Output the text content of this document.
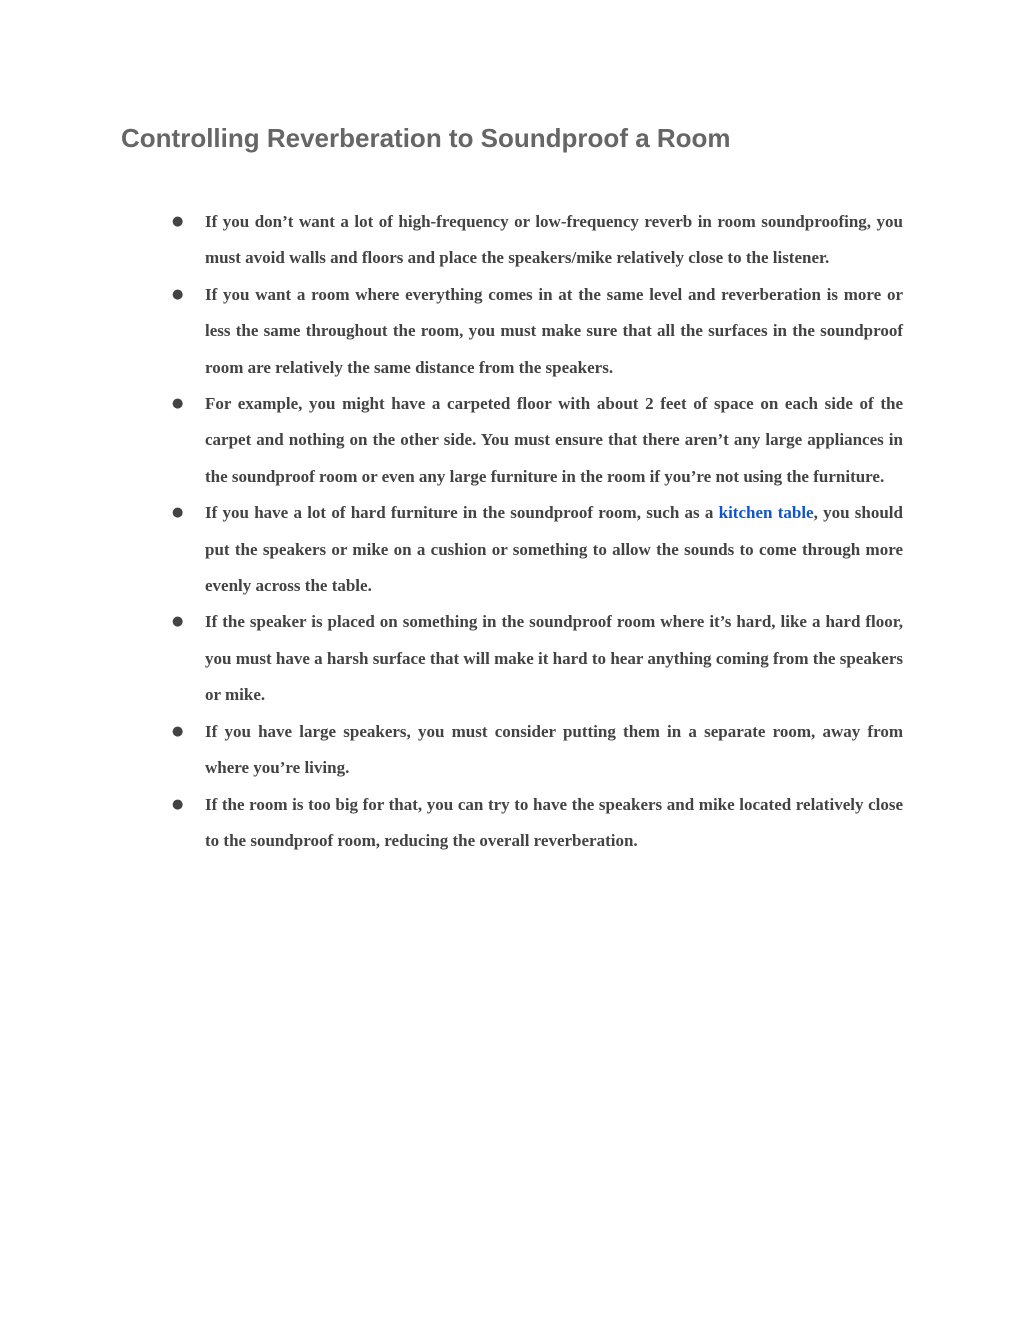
Controlling Reverberation to Soundproof a Room
● If you don’t want a lot of high-frequency or low-frequency reverb in room soundproofing, you must avoid walls and floors and place the speakers/mike relatively close to the listener.
● If you want a room where everything comes in at the same level and reverberation is more or less the same throughout the room, you must make sure that all the surfaces in the soundproof room are relatively the same distance from the speakers.
● For example, you might have a carpeted floor with about 2 feet of space on each side of the carpet and nothing on the other side. You must ensure that there aren’t any large appliances in the soundproof room or even any large furniture in the room if you’re not using the furniture.
● If you have a lot of hard furniture in the soundproof room, such as a kitchen table, you should put the speakers or mike on a cushion or something to allow the sounds to come through more evenly across the table.
● If the speaker is placed on something in the soundproof room where it’s hard, like a hard floor, you must have a harsh surface that will make it hard to hear anything coming from the speakers or mike.
● If you have large speakers, you must consider putting them in a separate room, away from where you’re living.
● If the room is too big for that, you can try to have the speakers and mike located relatively close to the soundproof room, reducing the overall reverberation.
